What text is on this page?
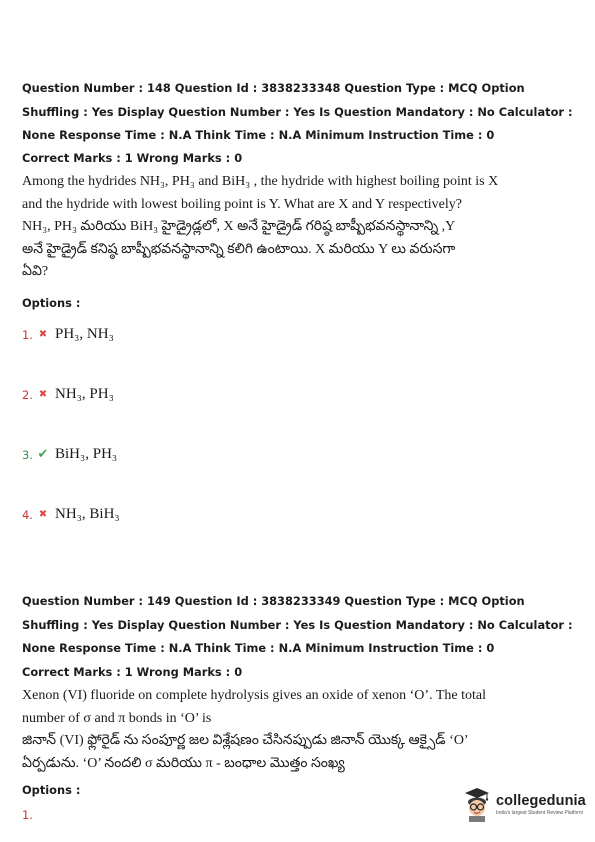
Question Number : 148 Question Id : 3838233348 Question Type : MCQ Option Shuffling : Yes Display Question Number : Yes Is Question Mandatory : No Calculator : None Response Time : N.A Think Time : N.A Minimum Instruction Time : 0
Correct Marks : 1 Wrong Marks : 0

Among the hydrides NH₃, PH₃ and BiH₃ , the hydride with highest boiling point is X

and the hydride with lowest boiling point is Y. What are X and Y respectively?

NH₃, PH₃ మరియు BiH₃ హైడ్రైడ్లలో, X అనే హైడ్రైడ్ గరిష్ఠ బాష్పీభవనస్థానాన్ని ,Y

అనే హైడ్రైడ్ కనిష్ఠ బాష్పీభవనస్థానాన్ని కలిగి ఉంటాయి. X మరియు Y లు వరుసగా

ఏవి?

Options :
1. ✖ PH₃, NH₃
2. ✖ NH₃, PH₃
3. ✔ BiH₃, PH₃
4. ✖ NH₃, BiH₃
Question Number : 149 Question Id : 3838233349 Question Type : MCQ Option Shuffling : Yes Display Question Number : Yes Is Question Mandatory : No Calculator : None Response Time : N.A Think Time : N.A Minimum Instruction Time : 0
Correct Marks : 1 Wrong Marks : 0

Xenon (VI) fluoride on complete hydrolysis gives an oxide of xenon ‘O’. The total

number of σ and π bonds in ‘O’ is

జినాన్ (VI) ఫ్లోరైడ్ ను సంపూర్ణ జల విశ్లేషణం చేసినప్పుడు జినాన్ యొక్క ఆక్సైడ్ ‘O’

ఏర్పడును. ‘O’ నందలి σ మరియు π - బంధాల మొత్తం సంఖ్య

Options :
1.
collegedunia
India's largest Student Review Platform
